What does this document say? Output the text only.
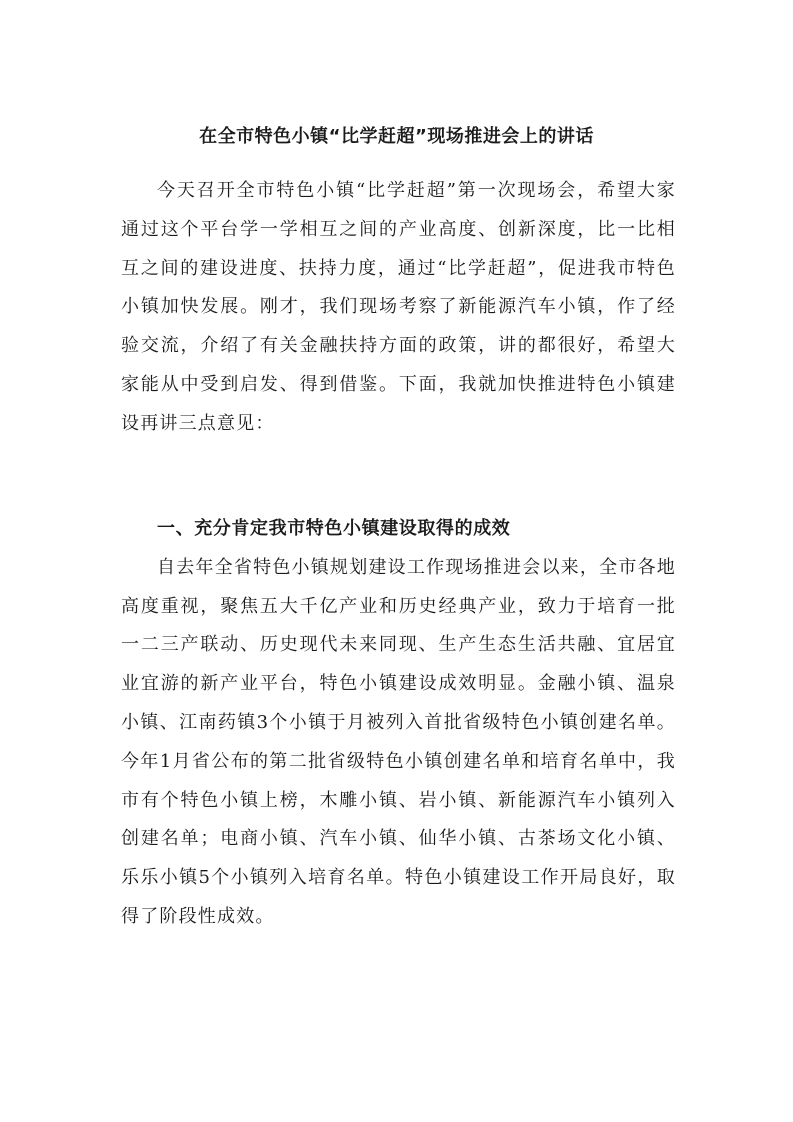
在全市特色小镇“比学赶超”现场推进会上的讲话

今天召开全市特色小镇“比学赶超”第一次现场会，希望大家通过这个平台学一学相互之间的产业高度、创新深度，比一比相互之间的建设进度、扶持力度，通过“比学赶超”，促进我市特色小镇加快发展。刚才，我们现场考察了新能源汽车小镇，作了经验交流，介绍了有关金融扶持方面的政策，讲的都很好，希望大家能从中受到启发、得到借鉴。下面，我就加快推进特色小镇建设再讲三点意见：

一、充分肯定我市特色小镇建设取得的成效

自去年全省特色小镇规划建设工作现场推进会以来，全市各地高度重视，聚焦五大千亿产业和历史经典产业，致力于培育一批一二三产联动、历史现代未来同现、生产生态生活共融、宜居宜业宜游的新产业平台，特色小镇建设成效明显。金融小镇、温泉小镇、江南药镇3个小镇于月被列入首批省级特色小镇创建名单。今年1月省公布的第二批省级特色小镇创建名单和培育名单中，我市有个特色小镇上榜，木雕小镇、岩小镇、新能源汽车小镇列入创建名单；电商小镇、汽车小镇、仙华小镇、古茶场文化小镇、乐乐小镇5个小镇列入培育名单。特色小镇建设工作开局良好，取得了阶段性成效。
